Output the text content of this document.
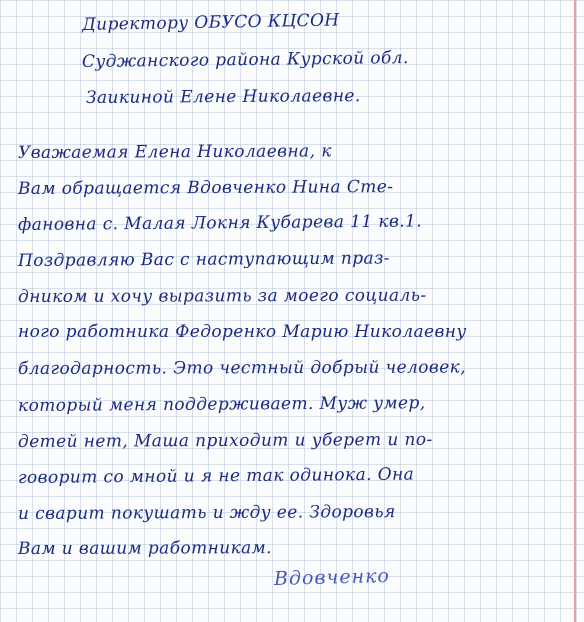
Директору ОБУСО КЦСОН
Суджанского района Курской обл.
Заикиной Елене Николаевне.
Уважаемая Елена Николаевна, к
Вам обращается Вдовченко Нина Сте-
фановна с. Малая Локня Кубарева 11 кв.1.
Поздравляю Вас с наступающим праз-
дником и хочу выразить за моего социаль-
ного работника Федоренко Марию Николаевну
благодарность. Это честный добрый человек,
который меня поддерживает. Муж умер,
детей нет, Маша приходит и уберет и по-
говорит со мной и я не так одинока. Она
и сварит покушать и жду ее. Здоровья
Вам и вашим работникам.
Вдовченко
